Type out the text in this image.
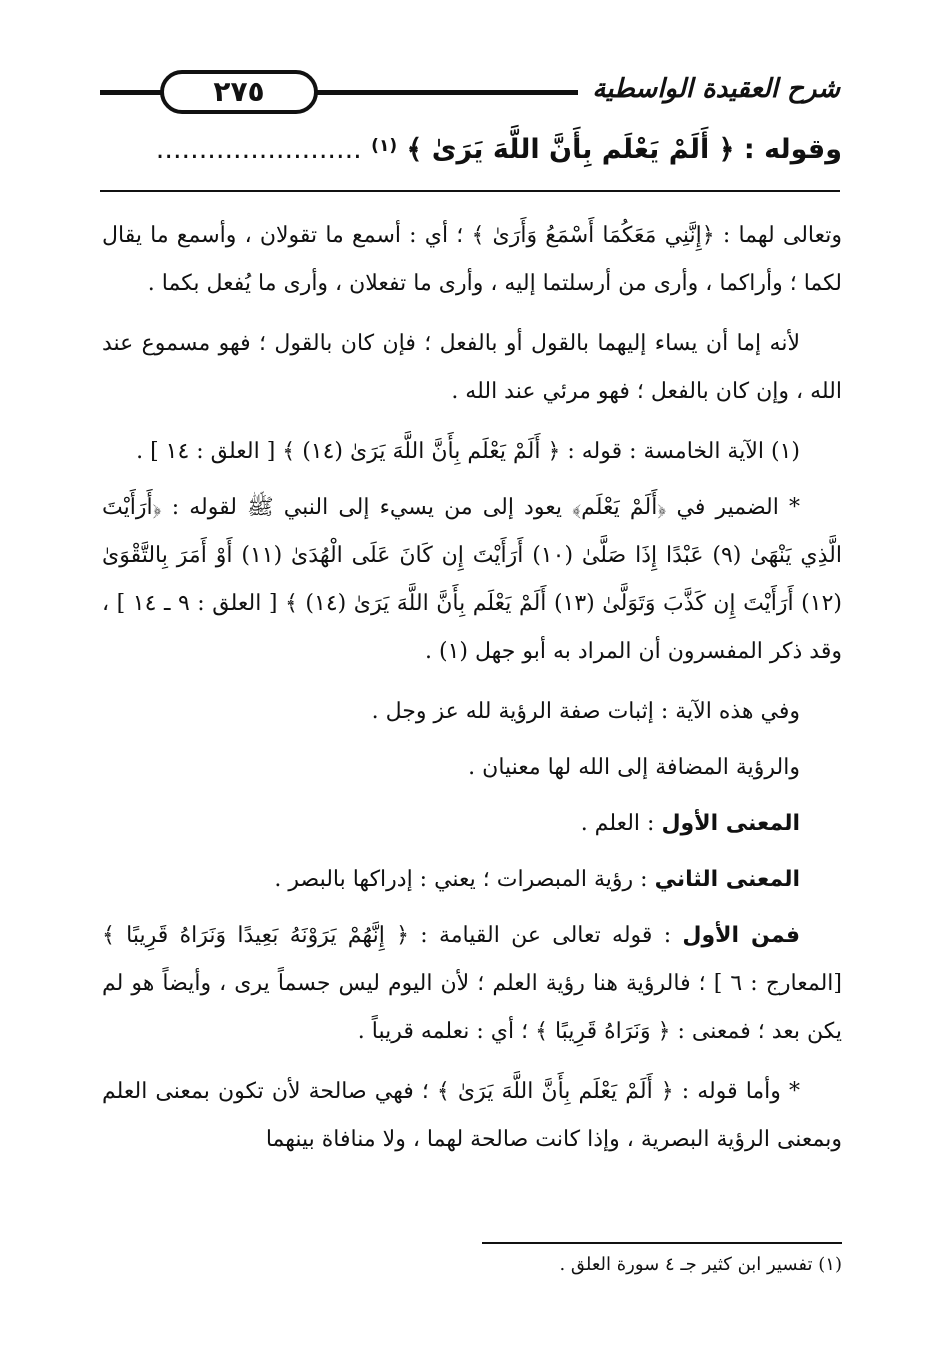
٢٧٥	شرح العقيدة الواسطية
وقوله : ﴿ أَلَمْ يَعْلَم بِأَنَّ اللَّهَ يَرَىٰ ﴾ $^{(١)}$ ........................

وتعالى لهما : ﴿إِنَّنِي مَعَكُمَا أَسْمَعُ وَأَرَىٰ ﴾ ؛ أي : أسمع ما تقولان ، وأسمع ما يقال لكما ؛ وأراكما ، وأرى من أرسلتما إليه ، وأرى ما تفعلان ، وأرى ما يُفعل بكما .

لأنه إما أن يساء إليهما بالقول أو بالفعل ؛ فإن كان بالقول ؛ فهو مسموع عند الله ، وإن كان بالفعل ؛ فهو مرئي عند الله .

(١) الآية الخامسة : قوله : ﴿ أَلَمْ يَعْلَم بِأَنَّ اللَّهَ يَرَىٰ (١٤) ﴾ [ العلق : ١٤ ] .

* الضمير في ﴿أَلَمْ يَعْلَم﴾ يعود إلى من يسيء إلى النبي ﷺ لقوله : ﴿أَرَأَيْتَ الَّذِي يَنْهَىٰ (٩) عَبْدًا إِذَا صَلَّىٰ (١٠) أَرَأَيْتَ إِن كَانَ عَلَى الْهُدَىٰ (١١) أَوْ أَمَرَ بِالتَّقْوَىٰ (١٢) أَرَأَيْتَ إِن كَذَّبَ وَتَوَلَّىٰ (١٣) أَلَمْ يَعْلَم بِأَنَّ اللَّهَ يَرَىٰ (١٤) ﴾ [ العلق : ٩ ـ ١٤ ] ، وقد ذكر المفسرون أن المراد به أبو جهل (١) .

وفي هذه الآية : إثبات صفة الرؤية لله عز وجل .

والرؤية المضافة إلى الله لها معنيان .

المعنى الأول : العلم .

المعنى الثاني : رؤية المبصرات ؛ يعني : إدراكها بالبصر .

فمن الأول : قوله تعالى عن القيامة : ﴿ إِنَّهُمْ يَرَوْنَهُ بَعِيدًا وَنَرَاهُ قَرِيبًا ﴾ [المعارج : ٦ ] ؛ فالرؤية هنا رؤية العلم ؛ لأن اليوم ليس جسماً يرى ، وأيضاً هو لم يكن بعد ؛ فمعنى : ﴿ وَنَرَاهُ قَرِيبًا ﴾ ؛ أي : نعلمه قريباً .

* وأما قوله : ﴿ أَلَمْ يَعْلَم بِأَنَّ اللَّهَ يَرَىٰ ﴾ ؛ فهي صالحة لأن تكون بمعنى العلم وبمعنى الرؤية البصرية ، وإذا كانت صالحة لهما ، ولا منافاة بينهما

(١) تفسير ابن كثير جـ ٤ سورة العلق .
